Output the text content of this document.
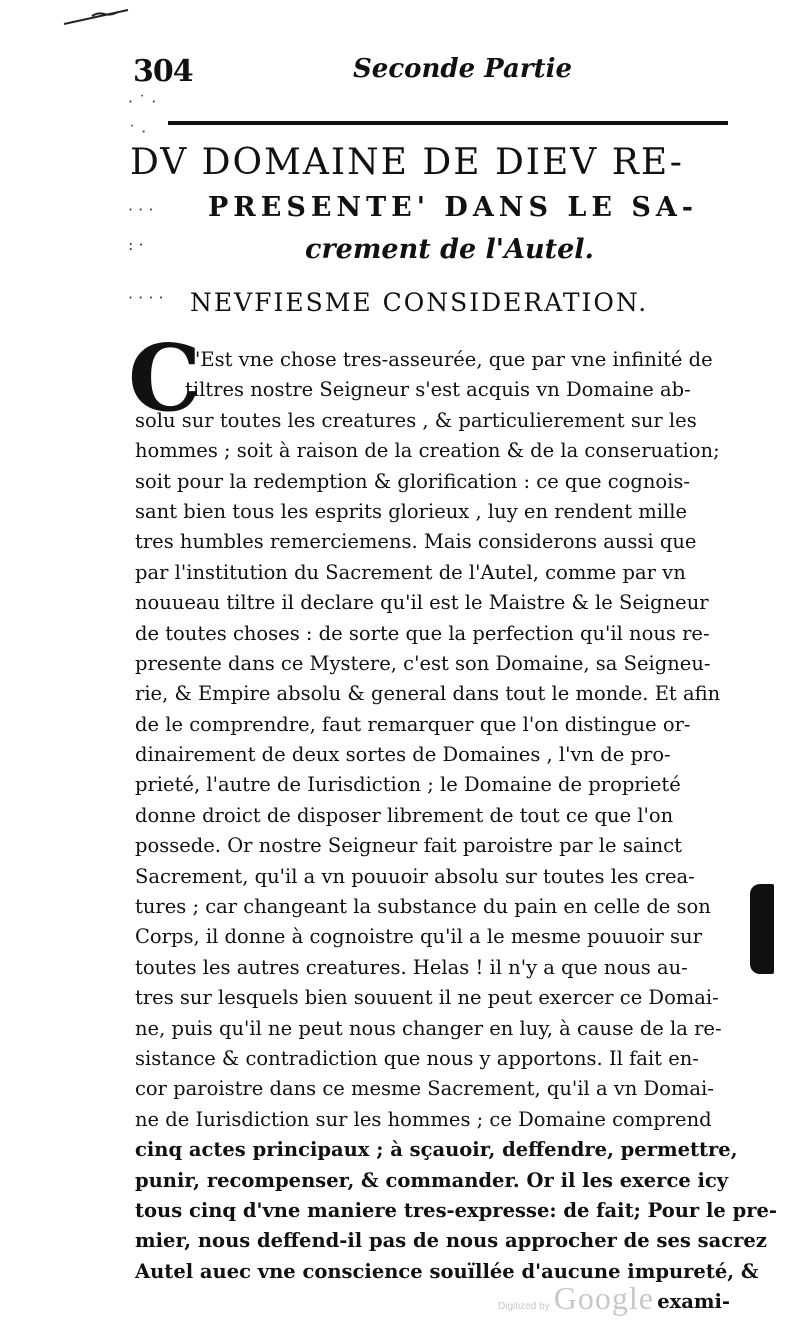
304	Seconde Partie
· ˙ ·
˙ ·
· · ·
: ·
· · · ·
DV DOMAINE DE DIEV RE-
PRESENTE' DANS LE SA-
crement de l'Autel.
NEVFIESME CONSIDERATION.
C
'Est vne chose tres-asseurée, que par vne infinité de
tiltres nostre Seigneur s'est acquis vn Domaine ab-
solu sur toutes les creatures , & particulierement sur les
hommes ; soit à raison de la creation & de la conseruation;
soit pour la redemption & glorification : ce que cognois-
sant bien tous les esprits glorieux , luy en rendent mille
tres humbles remerciemens. Mais considerons aussi que
par l'institution du Sacrement de l'Autel, comme par vn
nouueau tiltre il declare qu'il est le Maistre & le Seigneur
de toutes choses : de sorte que la perfection qu'il nous re-
presente dans ce Mystere, c'est son Domaine, sa Seigneu-
rie, & Empire absolu & general dans tout le monde. Et afin
de le comprendre, faut remarquer que l'on distingue or-
dinairement de deux sortes de Domaines , l'vn de pro-
prieté, l'autre de Iurisdiction ; le Domaine de proprieté
donne droict de disposer librement de tout ce que l'on
possede. Or nostre Seigneur fait paroistre par le sainct
Sacrement, qu'il a vn pouuoir absolu sur toutes les crea-
tures ; car changeant la substance du pain en celle de son
Corps, il donne à cognoistre qu'il a le mesme pouuoir sur
toutes les autres creatures. Helas ! il n'y a que nous au-
tres sur lesquels bien souuent il ne peut exercer ce Domai-
ne, puis qu'il ne peut nous changer en luy, à cause de la re-
sistance & contradiction que nous y apportons. Il fait en-
cor paroistre dans ce mesme Sacrement, qu'il a vn Domai-
ne de Iurisdiction sur les hommes ; ce Domaine comprend
cinq actes principaux ; à sçauoir, deffendre, permettre,
punir, recompenser, & commander. Or il les exerce icy
tous cinq d'vne maniere tres-expresse: de fait; Pour le pre-
mier, nous deffend-il pas de nous approcher de ses sacrez
Autel auec vne conscience souïllée d'aucune impureté, &
exami-
Digitized by Google
